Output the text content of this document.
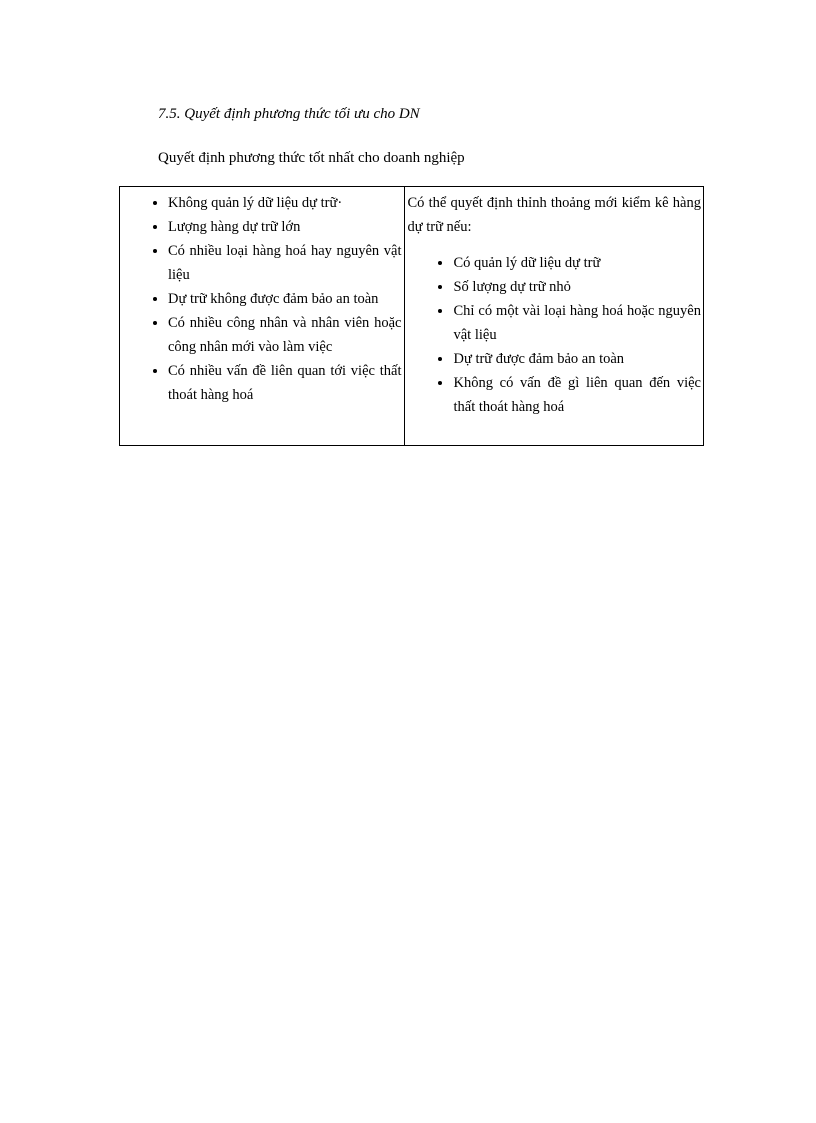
7.5. Quyết định phương thức tối ưu cho DN
Quyết định phương thức tốt nhất cho doanh nghiệp
• Không quản lý dữ liệu dự trữ·
• Lượng hàng dự trữ lớn
• Có nhiều loại hàng hoá hay nguyên vật liệu
• Dự trữ không được đảm bảo an toàn
• Có nhiều công nhân và nhân viên hoặc công nhân mới vào làm việc
• Có nhiều vấn đề liên quan tới việc thất thoát hàng hoá

Có thể quyết định thỉnh thoảng mới kiểm kê hàng dự trữ nếu:
• Có quản lý dữ liệu dự trữ
• Số lượng dự trữ nhỏ
• Chỉ có một vài loại hàng hoá hoặc nguyên vật liệu
• Dự trữ được đảm bảo an toàn
• Không có vấn đề gì liên quan đến việc thất thoát hàng hoá
